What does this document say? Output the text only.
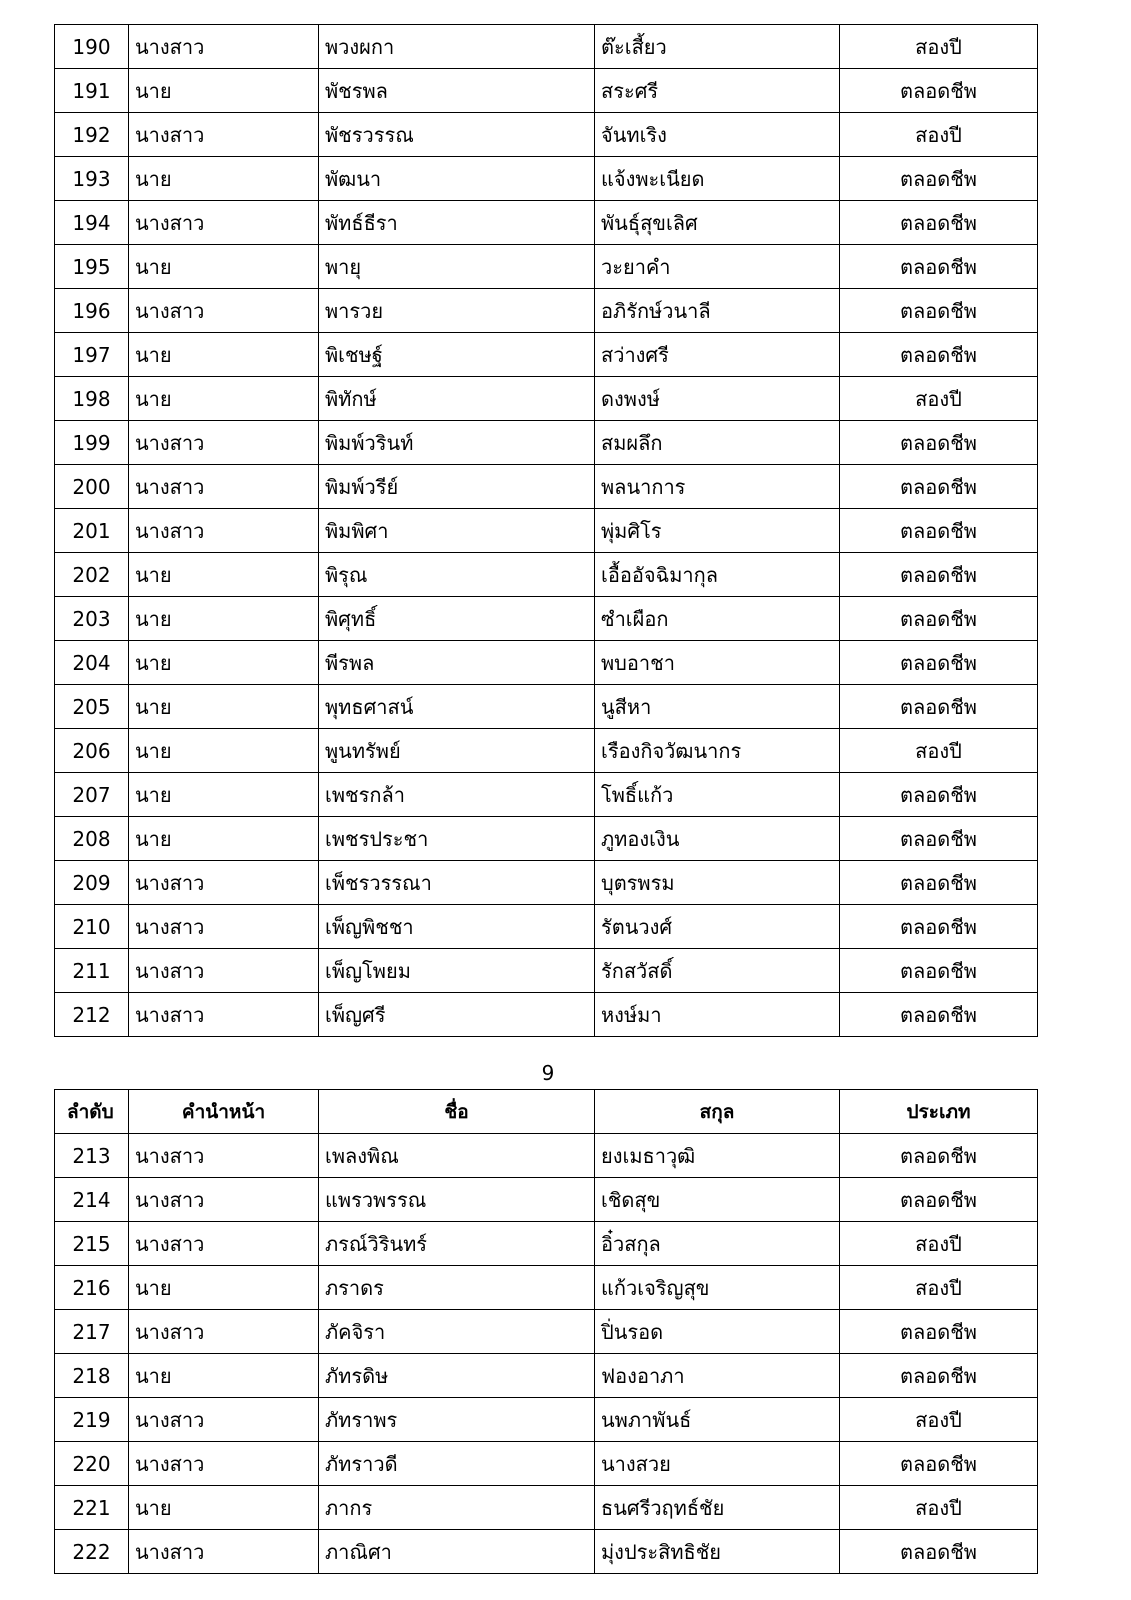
190	นางสาว	พวงผกา	ต๊ะเสี้ยว	สองปี
191	นาย	พัชรพล	สระศรี	ตลอดชีพ
192	นางสาว	พัชรวรรณ	จันทเริง	สองปี
193	นาย	พัฒนา	แจ้งพะเนียด	ตลอดชีพ
194	นางสาว	พัทธ์ธีรา	พันธุ์สุขเลิศ	ตลอดชีพ
195	นาย	พายุ	วะยาคำ	ตลอดชีพ
196	นางสาว	พารวย	อภิรักษ์วนาลี	ตลอดชีพ
197	นาย	พิเชษฐ์	สว่างศรี	ตลอดชีพ
198	นาย	พิทักษ์	ดงพงษ์	สองปี
199	นางสาว	พิมพ์วรินท์	สมผลึก	ตลอดชีพ
200	นางสาว	พิมพ์วรีย์	พลนาการ	ตลอดชีพ
201	นางสาว	พิมพิศา	พุ่มศิโร	ตลอดชีพ
202	นาย	พิรุณ	เอื้ออัจฉิมากุล	ตลอดชีพ
203	นาย	พิศุทธิ์	ซำเผือก	ตลอดชีพ
204	นาย	พีรพล	พบอาชา	ตลอดชีพ
205	นาย	พุทธศาสน์	นูสีหา	ตลอดชีพ
206	นาย	พูนทรัพย์	เรืองกิจวัฒนากร	สองปี
207	นาย	เพชรกล้า	โพธิ์แก้ว	ตลอดชีพ
208	นาย	เพชรประชา	ภูทองเงิน	ตลอดชีพ
209	นางสาว	เพ็ชรวรรณา	บุตรพรม	ตลอดชีพ
210	นางสาว	เพ็ญพิชชา	รัตนวงศ์	ตลอดชีพ
211	นางสาว	เพ็ญโพยม	รักสวัสดิ์	ตลอดชีพ
212	นางสาว	เพ็ญศรี	หงษ์มา	ตลอดชีพ
9
ลำดับ	คำนำหน้า	ชื่อ	สกุล	ประเภท
213	นางสาว	เพลงพิณ	ยงเมธาวุฒิ	ตลอดชีพ
214	นางสาว	แพรวพรรณ	เชิดสุข	ตลอดชีพ
215	นางสาว	ภรณ์วิรินทร์	อิ๋วสกุล	สองปี
216	นาย	ภราดร	แก้วเจริญสุข	สองปี
217	นางสาว	ภัคจิรา	ปิ่นรอด	ตลอดชีพ
218	นาย	ภัทรดิษ	ฟองอาภา	ตลอดชีพ
219	นางสาว	ภัทราพร	นพภาพันธ์	สองปี
220	นางสาว	ภัทราวดี	นางสวย	ตลอดชีพ
221	นาย	ภากร	ธนศรีวฤทธ์ชัย	สองปี
222	นางสาว	ภาณิศา	มุ่งประสิทธิชัย	ตลอดชีพ
